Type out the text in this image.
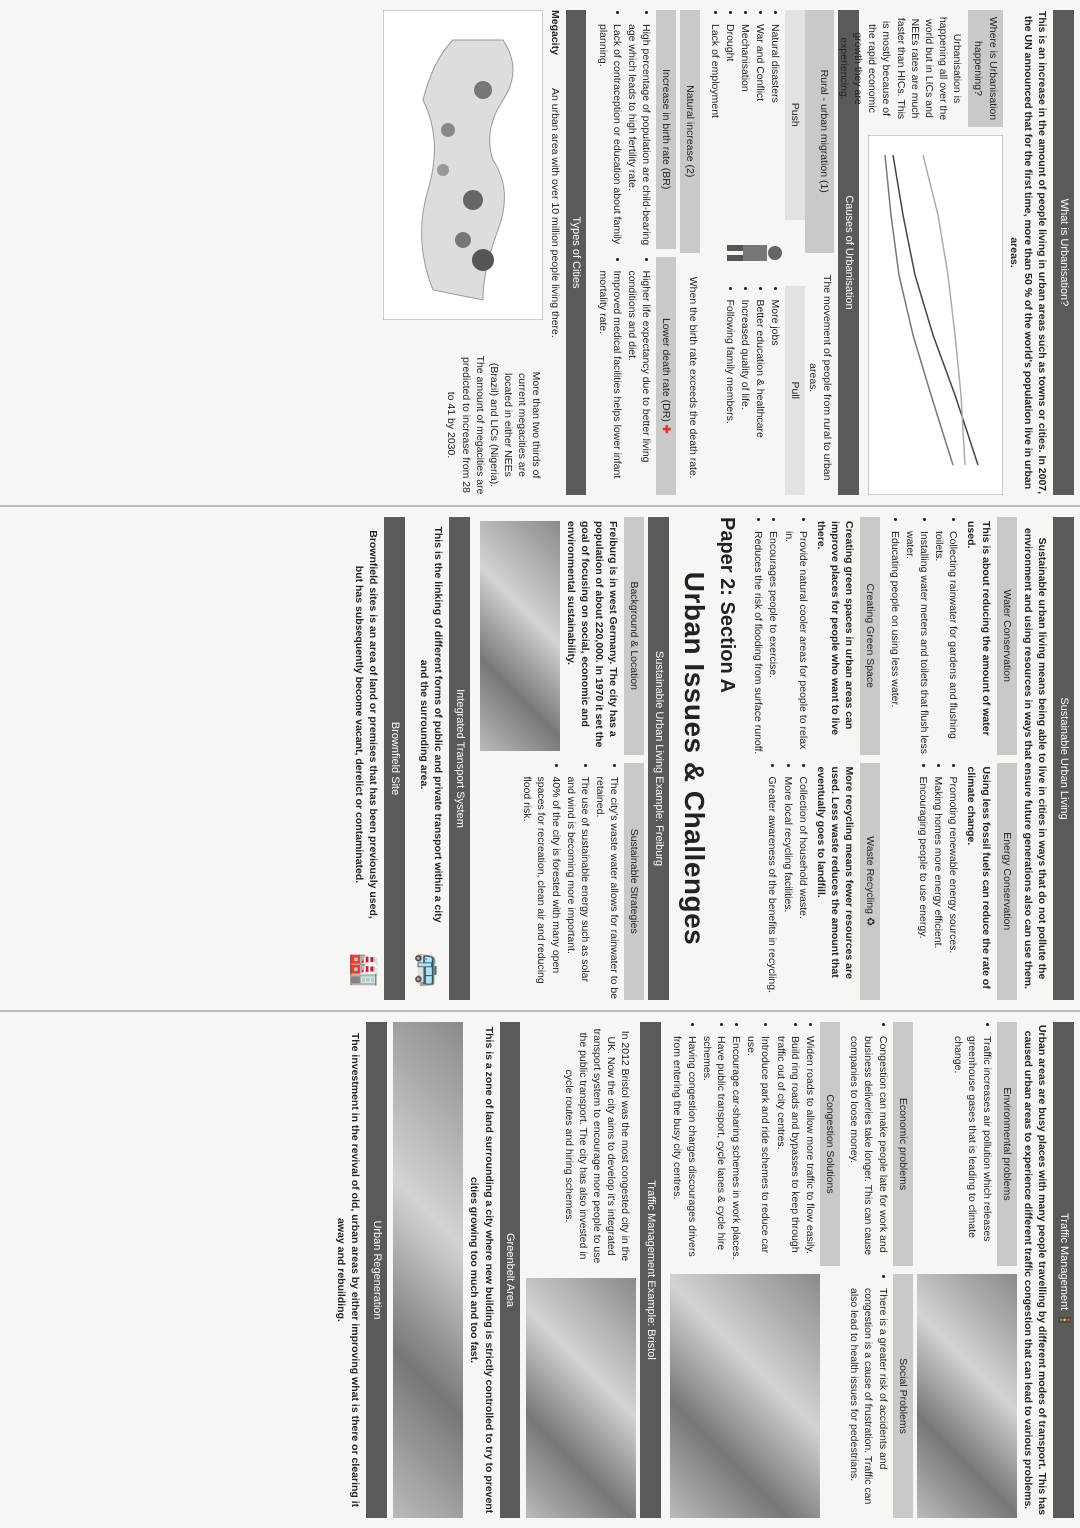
What is Urbanisation?
This is an increase in the amount of people living in urban areas such as towns or cities. In 2007, the UN announced that for the first time, more than 50 % of the world's population live in urban areas.
Where is Urbanisation happening?
Urbanisation is happening all over the world but in LICs and NEEs rates are much faster than HICs. This is mostly because of the rapid economic growth they are experiencing.
Causes of Urbanisation
Rural - urban migration (1)
The movement of people from rural to urban areas.
Push
• Natural disasters
• War and Conflict
• Mechanisation
• Drought
• Lack of employment
Pull
• More jobs
• Better education & healthcare
• Increased quality of life.
• Following family members.
Natural increase (2)
When the birth rate exceeds the death rate.
Increase in birth rate (BR)
• High percentage of population are child-bearing age which leads to high fertility rate.
• Lack of contraception or education about family planning.
Lower death rate (DR) ✚
• Higher life expectancy due to better living conditions and diet.
• Improved medical facilities helps lower infant mortality rate.
Types of Cities
Megacity
An urban area with over 10 million people living there.
More than two thirds of current megacities are located in either NEEs (Brazil) and LICs (Nigeria). The amount of megacities are predicted to increase from 28 to 41 by 2030.
Sustainable Urban Living
Sustainable urban living means being able to live in cities in ways that do not pollute the environment and using resources in ways that ensure future generations also can use them.
Water Conservation
This is about reducing the amount of water used.
• Collecting rainwater for gardens and flushing toilets.
• Installing water meters and toilets that flush less water.
• Educating people on using less water.
Energy Conservation
Using less fossil fuels can reduce the rate of climate change.
• Promoting renewable energy sources.
• Making homes more energy efficient.
• Encouraging people to use energy.
Creating Green Space
Creating green spaces in urban areas can improve places for people who want to live there.
• Provide natural cooler areas for people to relax in.
• Encourages people to exercise.
• Reduces the risk of flooding from surface runoff.
Waste Recycling ♻
More recycling means fewer resources are used. Less waste reduces the amount that eventually goes to landfill.
• Collection of household waste.
• More local recycling facilities.
• Greater awareness of the benefits in recycling.
Paper 2: Section A
Urban Issues & Challenges
Sustainable Urban Living Example: Freiburg
Background & Location
Freiburg is in west Germany. The city has a population of about 220,000. In 1970 it set the goal of focusing on social, economic and environmental sustainability.
Sustainable Strategies
• The city's waste water allows for rainwater to be retained.
• The use of sustainable energy such as solar and wind is becoming more important.
• 40% of the city is forested with many open spaces for recreation, clean air and reducing flood risk.
Integrated Transport System
This is the linking of different forms of public and private transport within a city and the surrounding area.
🚌
Brownfield Site
Brownfield sites is an area of land or premises that has been previously used, but has subsequently become vacant, derelict or contaminated.
🏭
Traffic Management 🚦
Urban areas are busy places with many people travelling by different modes of transport. This has caused urban areas to experience different traffic congestion that can lead to various problems.
Environmental problems
• Traffic increases air pollution which releases greenhouse gases that is leading to climate change.
Economic problems
• Congestion can make people late for work and business deliveries take longer. This can cause companies to loose money.
Social Problems
• There is a greater risk of accidents and congestion is a cause of frustration. Traffic can also lead to health issues for pedestrians.
Congestion Solutions
• Widen roads to allow more traffic to flow easily.
• Build ring roads and bypasses to keep through traffic out of city centres.
• Introduce park and ride schemes to reduce car use.
• Encourage car-sharing schemes in work places.
• Have public transport, cycle lanes & cycle hire schemes.
• Having congestion charges discourages drivers from entering the busy city centres.
Traffic Management Example: Bristol
In 2012 Bristol was the most congested city in the UK. Now the city aims to develop it's integrated transport system to encourage more people to use the public transport. The city has also invested in cycle routes and hiring schemes.
Greenbelt Area
This is a zone of land surrounding a city where new building is strictly controlled to try to prevent cities growing too much and too fast.
Urban Regeneration
The investment in the revival of old, urban areas by either improving what is there or clearing it away and rebuilding.
